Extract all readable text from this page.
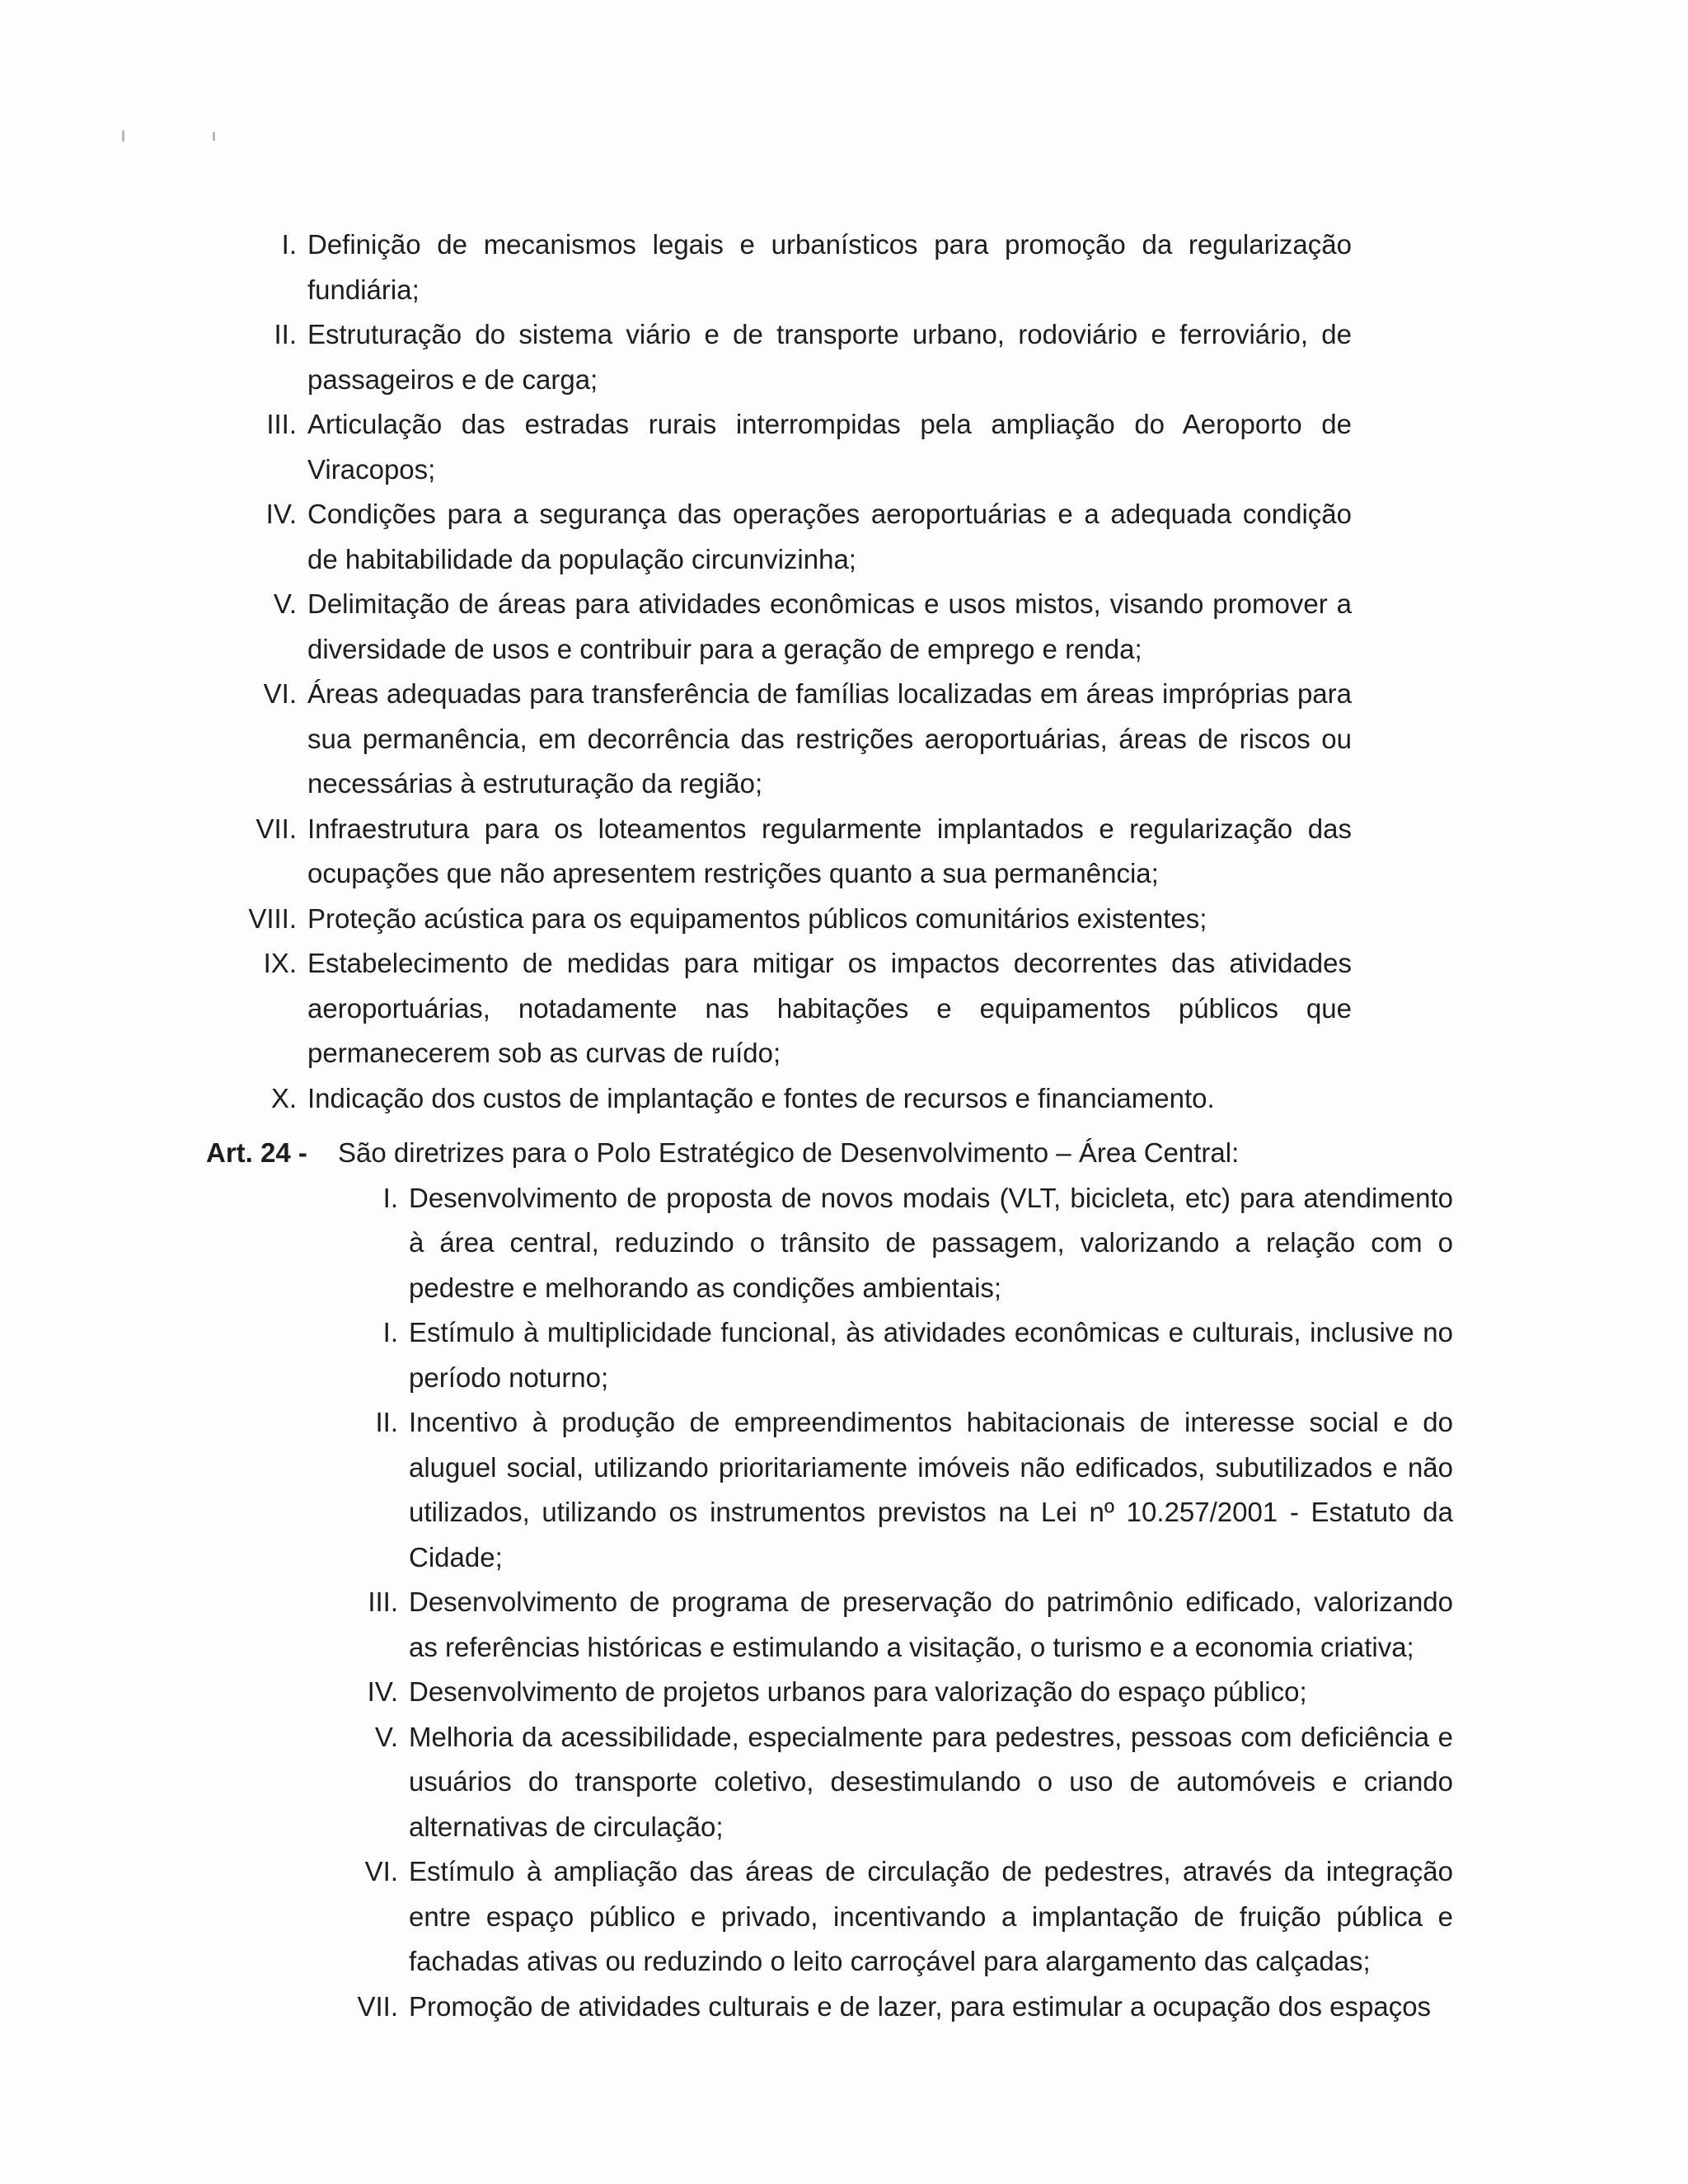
I. Definição de mecanismos legais e urbanísticos para promoção da regularização fundiária;
II. Estruturação do sistema viário e de transporte urbano, rodoviário e ferroviário, de passageiros e de carga;
III. Articulação das estradas rurais interrompidas pela ampliação do Aeroporto de Viracopos;
IV. Condições para a segurança das operações aeroportuárias e a adequada condição de habitabilidade da população circunvizinha;
V. Delimitação de áreas para atividades econômicas e usos mistos, visando promover a diversidade de usos e contribuir para a geração de emprego e renda;
VI. Áreas adequadas para transferência de famílias localizadas em áreas impróprias para sua permanência, em decorrência das restrições aeroportuárias, áreas de riscos ou necessárias à estruturação da região;
VII. Infraestrutura para os loteamentos regularmente implantados e regularização das ocupações que não apresentem restrições quanto a sua permanência;
VIII. Proteção acústica para os equipamentos públicos comunitários existentes;
IX. Estabelecimento de medidas para mitigar os impactos decorrentes das atividades aeroportuárias, notadamente nas habitações e equipamentos públicos que permanecerem sob as curvas de ruído;
X. Indicação dos custos de implantação e fontes de recursos e financiamento.
Art. 24 - São diretrizes para o Polo Estratégico de Desenvolvimento – Área Central:
I. Desenvolvimento de proposta de novos modais (VLT, bicicleta, etc) para atendimento à área central, reduzindo o trânsito de passagem, valorizando a relação com o pedestre e melhorando as condições ambientais;
I. Estímulo à multiplicidade funcional, às atividades econômicas e culturais, inclusive no período noturno;
II. Incentivo à produção de empreendimentos habitacionais de interesse social e do aluguel social, utilizando prioritariamente imóveis não edificados, subutilizados e não utilizados, utilizando os instrumentos previstos na Lei nº 10.257/2001 - Estatuto da Cidade;
III. Desenvolvimento de programa de preservação do patrimônio edificado, valorizando as referências históricas e estimulando a visitação, o turismo e a economia criativa;
IV. Desenvolvimento de projetos urbanos para valorização do espaço público;
V. Melhoria da acessibilidade, especialmente para pedestres, pessoas com deficiência e usuários do transporte coletivo, desestimulando o uso de automóveis e criando alternativas de circulação;
VI. Estímulo à ampliação das áreas de circulação de pedestres, através da integração entre espaço público e privado, incentivando a implantação de fruição pública e fachadas ativas ou reduzindo o leito carroçável para alargamento das calçadas;
VII. Promoção de atividades culturais e de lazer, para estimular a ocupação dos espaços
